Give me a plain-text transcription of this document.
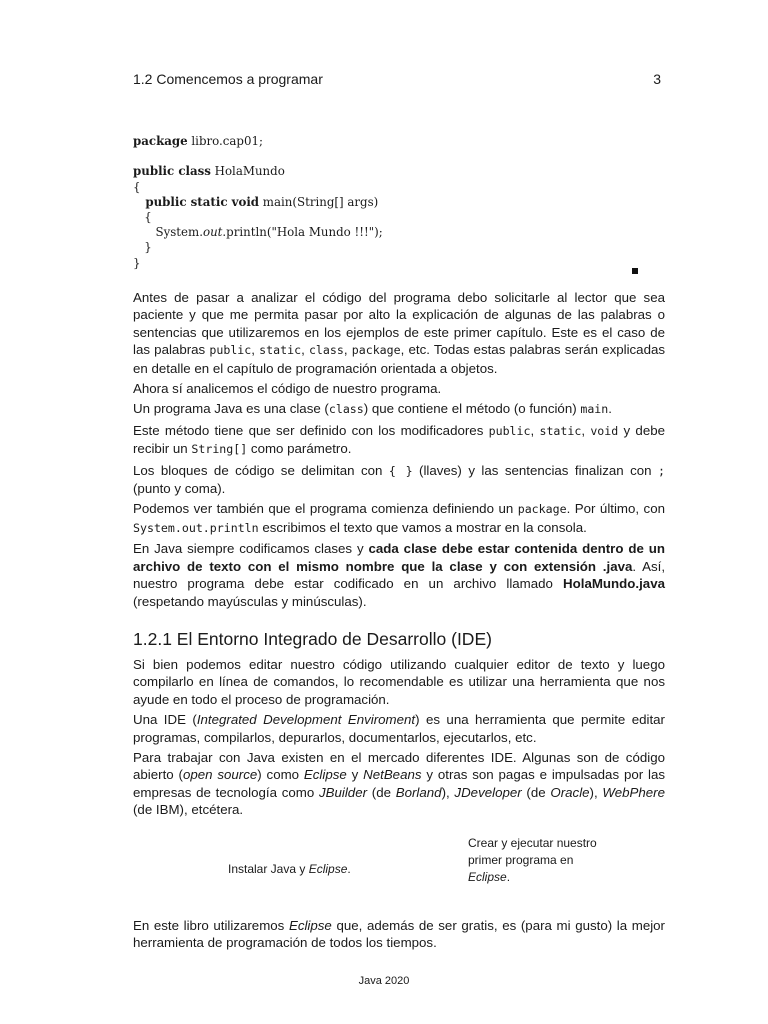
1.2 Comencemos a programar	3
package libro.cap01;
public class HolaMundo
{
public static void main(String[] args)
{
System.out.println("Hola Mundo !!!");
}
}

Antes de pasar a analizar el código del programa debo solicitarle al lector que sea paciente y que me permita pasar por alto la explicación de algunas de las palabras o sentencias que utilizaremos en los ejemplos de este primer capítulo. Este es el caso de las palabras public, static, class, package, etc. Todas estas palabras serán explicadas en detalle en el capítulo de programación orientada a objetos.

Ahora sí analicemos el código de nuestro programa.

Un programa Java es una clase (class) que contiene el método (o función) main.

Este método tiene que ser definido con los modificadores public, static, void y debe recibir un String[] como parámetro.

Los bloques de código se delimitan con { } (llaves) y las sentencias finalizan con ; (punto y coma).

Podemos ver también que el programa comienza definiendo un package. Por último, con System.out.println escribimos el texto que vamos a mostrar en la consola.

En Java siempre codificamos clases y cada clase debe estar contenida dentro de un archivo de texto con el mismo nombre que la clase y con extensión .java. Así, nuestro programa debe estar codificado en un archivo llamado HolaMundo.java (respetando mayúsculas y minúsculas).

1.2.1 El Entorno Integrado de Desarrollo (IDE)

Si bien podemos editar nuestro código utilizando cualquier editor de texto y luego compilarlo en línea de comandos, lo recomendable es utilizar una herramienta que nos ayude en todo el proceso de programación.

Una IDE (Integrated Development Enviroment) es una herramienta que permite editar programas, compilarlos, depurarlos, documentarlos, ejecutarlos, etc.

Para trabajar con Java existen en el mercado diferentes IDE. Algunas son de código abierto (open source) como Eclipse y NetBeans y otras son pagas e impulsadas por las empresas de tecnología como JBuilder (de Borland), JDeveloper (de Oracle), WebPhere (de IBM), etcétera.

Instalar Java y Eclipse.
Crear y ejecutar nuestro
primer programa en
Eclipse.

En este libro utilizaremos Eclipse que, además de ser gratis, es (para mi gusto) la mejor herramienta de programación de todos los tiempos.

Java 2020
